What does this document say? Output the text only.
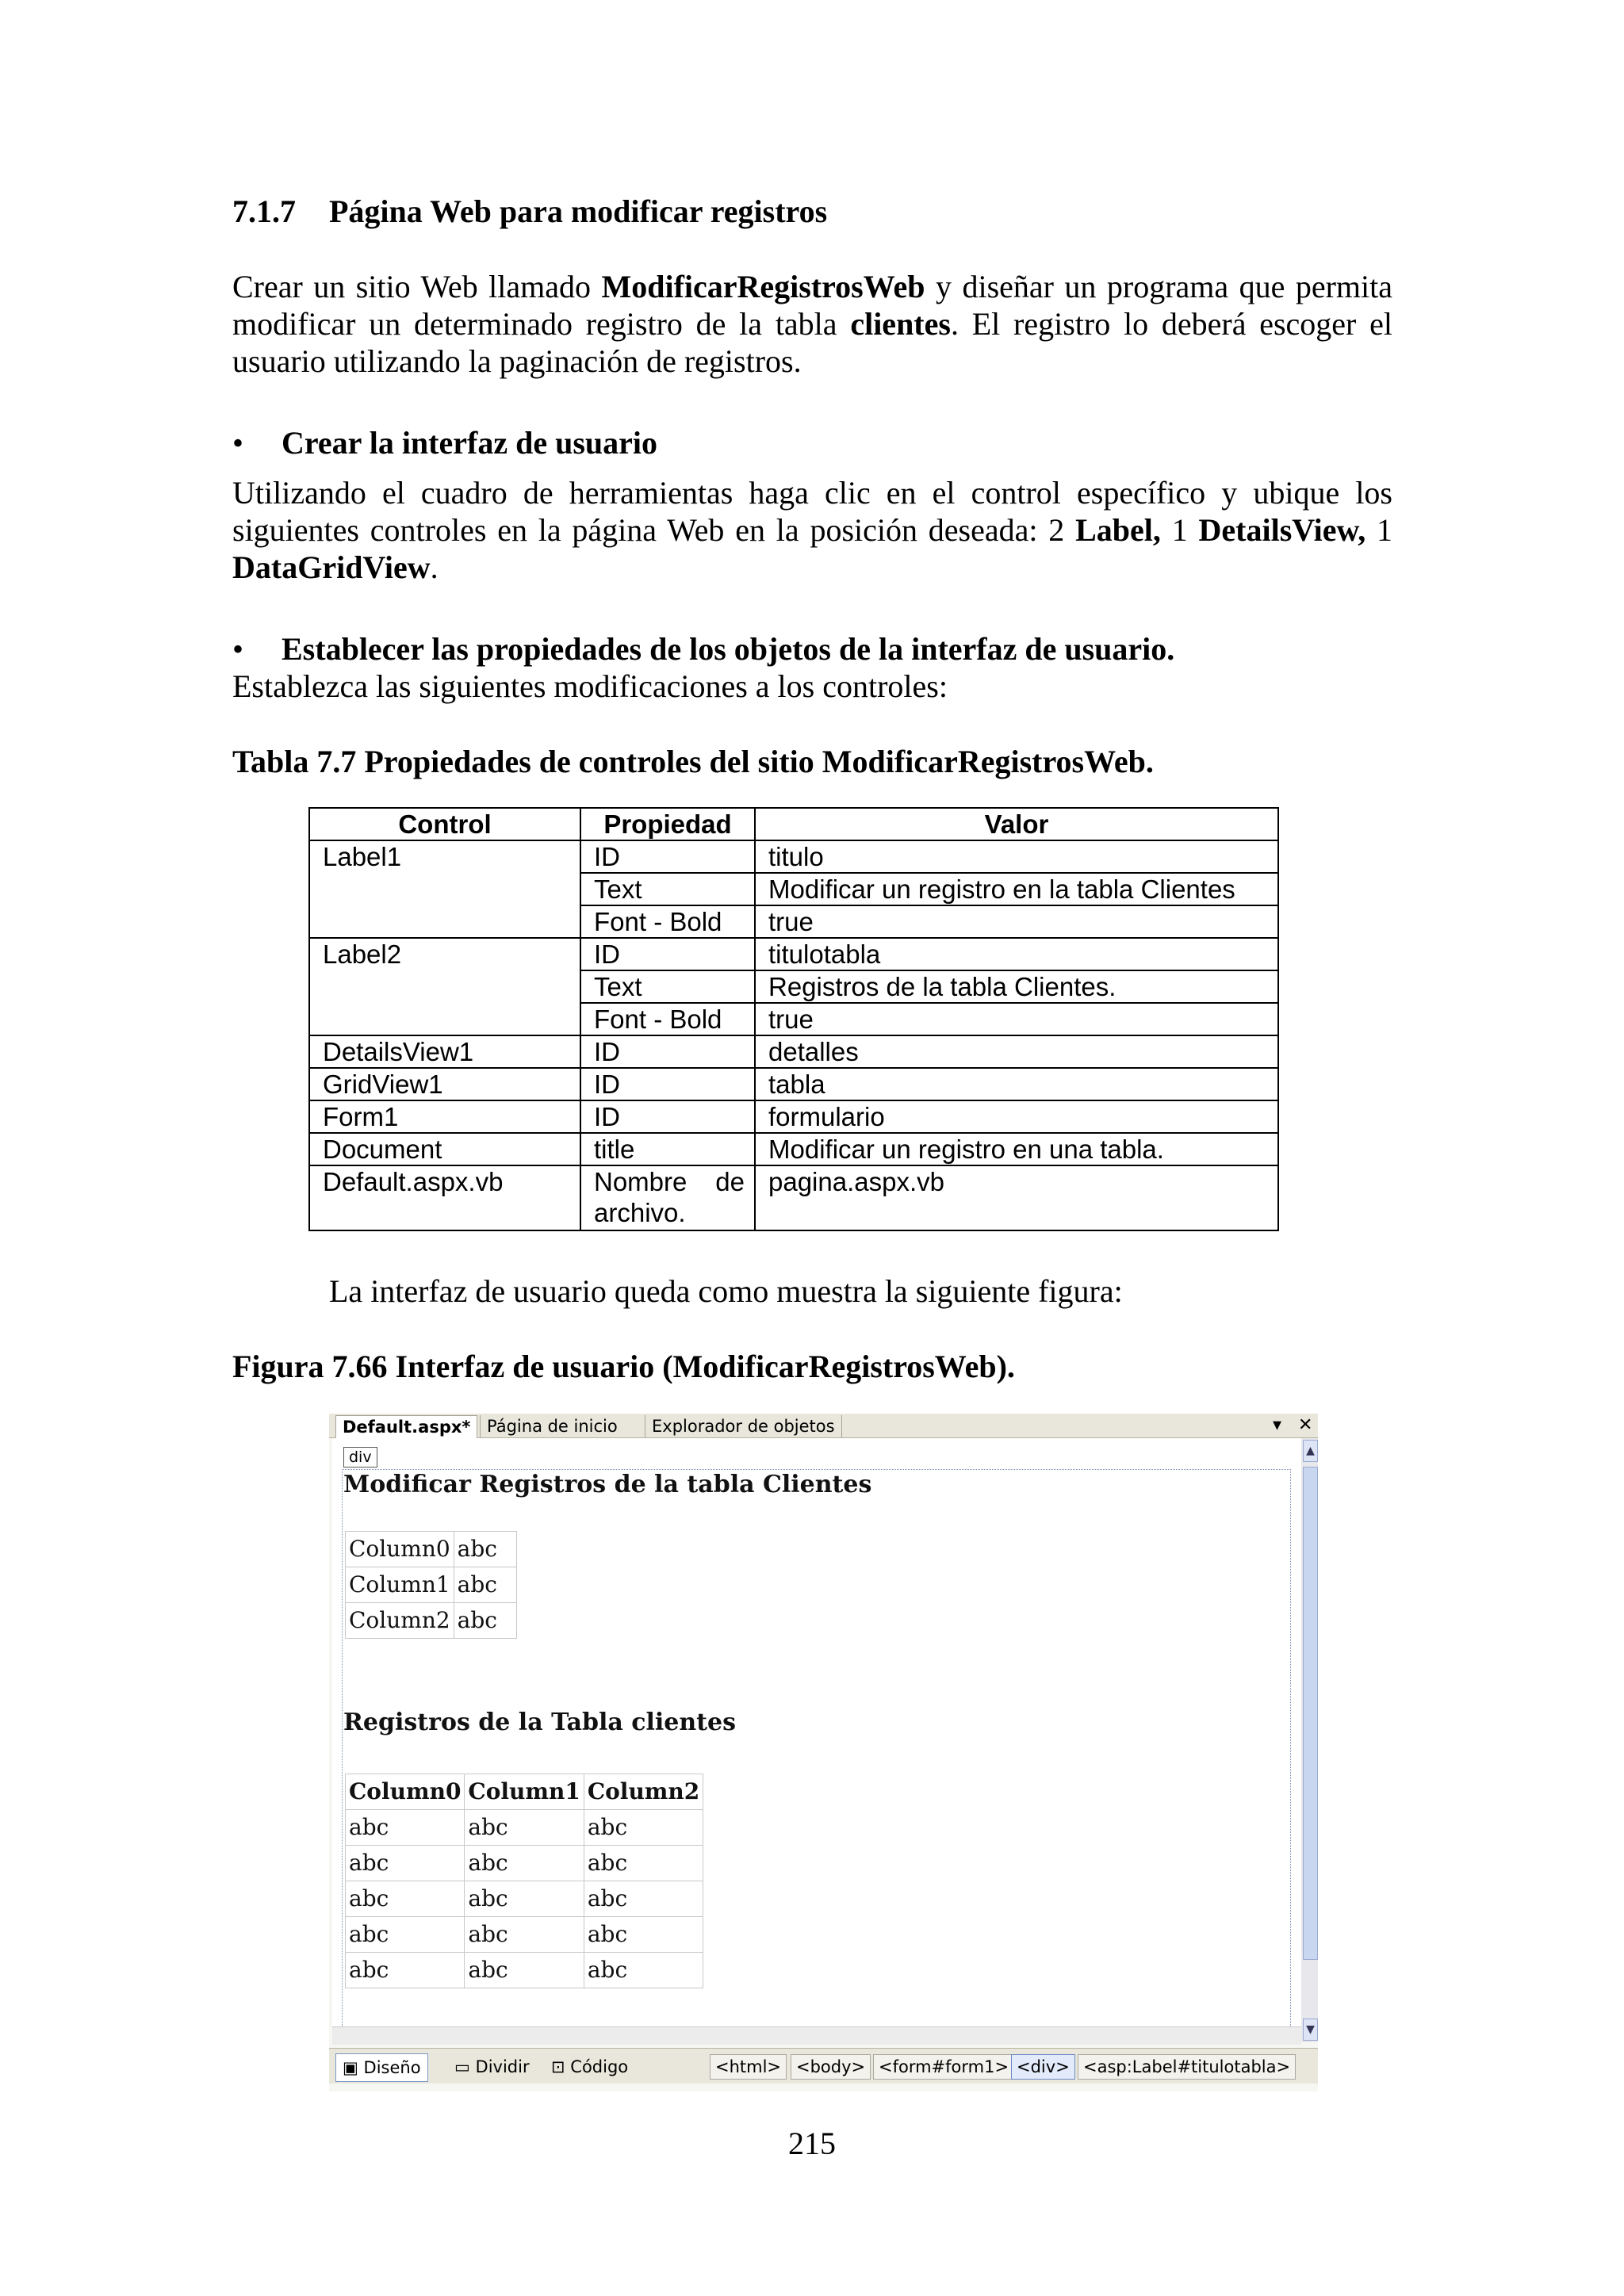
7.1.7 Página Web para modificar registros
Crear un sitio Web llamado ModificarRegistrosWeb y diseñar un programa que permita modificar un determinado registro de la tabla clientes. El registro lo deberá escoger el usuario utilizando la paginación de registros.
• Crear la interfaz de usuario
Utilizando el cuadro de herramientas haga clic en el control específico y ubique los siguientes controles en la página Web en la posición deseada: 2 Label, 1 DetailsView, 1 DataGridView.
• Establecer las propiedades de los objetos de la interfaz de usuario.
Establezca las siguientes modificaciones a los controles:
Tabla 7.7 Propiedades de controles del sitio ModificarRegistrosWeb.
Control	Propiedad	Valor
Label1	ID	titulo
	Text	Modificar un registro en la tabla Clientes
	Font - Bold	true
Label2	ID	titulotabla
	Text	Registros de la tabla Clientes.
	Font - Bold	true
DetailsView1	ID	detalles
GridView1	ID	tabla
Form1	ID	formulario
Document	title	Modificar un registro en una tabla.
Default.aspx.vb	Nombre de archivo.	pagina.aspx.vb
La interfaz de usuario queda como muestra la siguiente figura:
Figura 7.66 Interfaz de usuario (ModificarRegistrosWeb).
Default.aspx* Página de inicio	Explorador de objetos	▾ ✕
div
Modificar Registros de la tabla Clientes
Column0	abc
Column1	abc
Column2	abc
Registros de la Tabla clientes
Column0	Column1	Column2
abc	abc	abc
abc	abc	abc
abc	abc	abc
abc	abc	abc
abc	abc	abc
▲
▼
▣ Diseño	▭ Dividir	⊡ Código	<html> <body> <form#form1> <div> <asp:Label#titulotabla>
215
